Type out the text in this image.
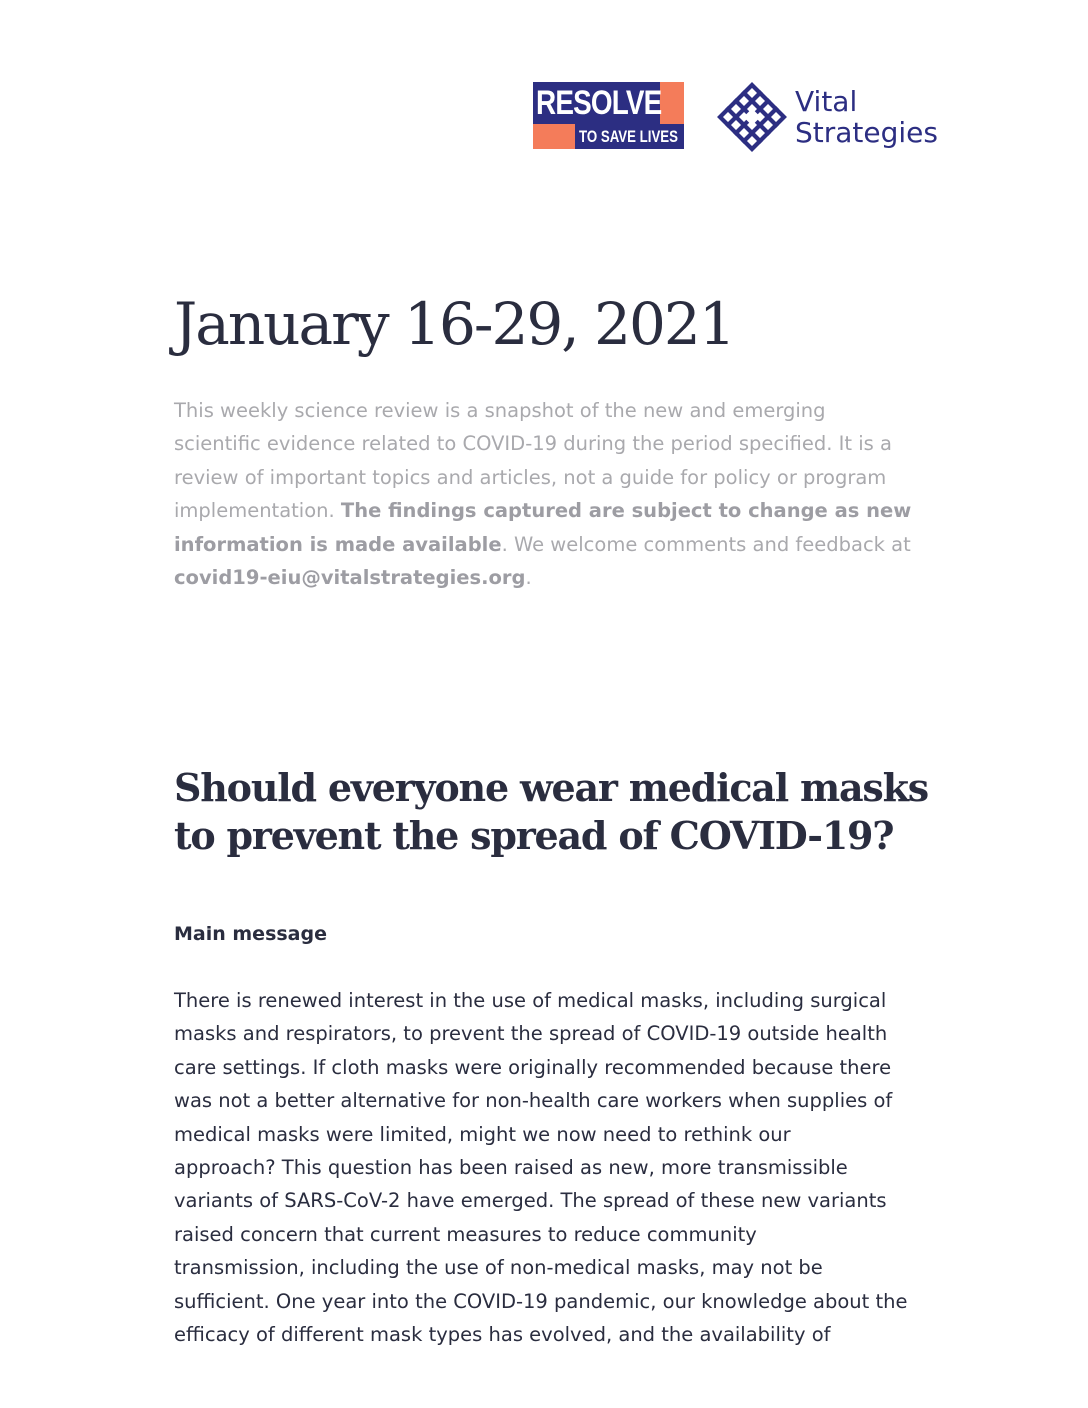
RESOLVE
TO SAVE LIVES
Vital
Strategies
January 16-29, 2021

This weekly science review is a snapshot of the new and emerging
scientific evidence related to COVID-19 during the period specified. It is a
review of important topics and articles, not a guide for policy or program
implementation. The findings captured are subject to change as new
information is made available. We welcome comments and feedback at
covid19-eiu@vitalstrategies.org.

Should everyone wear medical masks
to prevent the spread of COVID-19?
Main message

There is renewed interest in the use of medical masks, including surgical
masks and respirators, to prevent the spread of COVID-19 outside health
care settings. If cloth masks were originally recommended because there
was not a better alternative for non-health care workers when supplies of
medical masks were limited, might we now need to rethink our
approach? This question has been raised as new, more transmissible
variants of SARS-CoV-2 have emerged. The spread of these new variants
raised concern that current measures to reduce community
transmission, including the use of non-medical masks, may not be
sufficient. One year into the COVID-19 pandemic, our knowledge about the
efficacy of different mask types has evolved, and the availability of
